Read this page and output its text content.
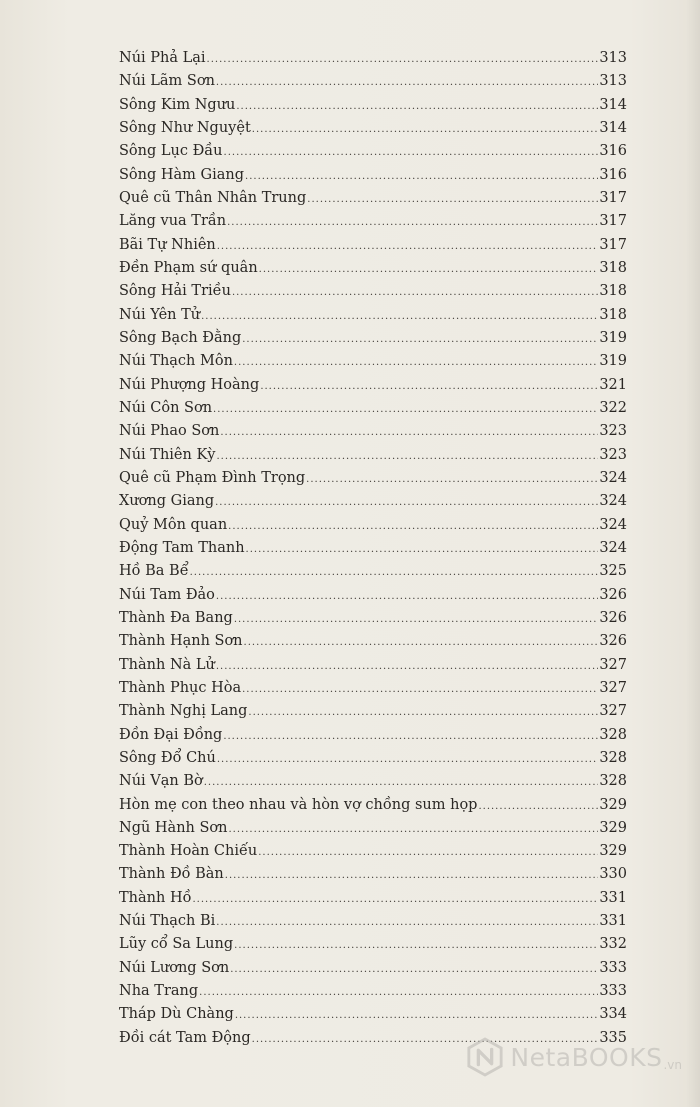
Núi Phả Lại .....	313
Núi Lãm Sơn .....	313
Sông Kim Ngưu .....	314
Sông Như Nguyệt .....	314
Sông Lục Đầu .....	316
Sông Hàm Giang .....	316
Quê cũ Thân Nhân Trung .....	317
Lăng vua Trần .....	317
Bãi Tự Nhiên .....	317
Đền Phạm sứ quân .....	318
Sông Hải Triều .....	318
Núi Yên Tử .....	318
Sông Bạch Đằng .....	319
Núi Thạch Môn .....	319
Núi Phượng Hoàng .....	321
Núi Côn Sơn .....	322
Núi Phao Sơn .....	323
Núi Thiên Kỳ .....	323
Quê cũ Phạm Đình Trọng .....	324
Xương Giang .....	324
Quỷ Môn quan .....	324
Động Tam Thanh .....	324
Hồ Ba Bể .....	325
Núi Tam Đảo .....	326
Thành Đa Bang .....	326
Thành Hạnh Sơn .....	326
Thành Nà Lử .....	327
Thành Phục Hòa .....	327
Thành Nghị Lang .....	327
Đồn Đại Đồng .....	328
Sông Đổ Chú .....	328
Núi Vạn Bờ .....	328
Hòn mẹ con theo nhau và hòn vợ chồng sum họp .....	329
Ngũ Hành Sơn .....	329
Thành Hoàn Chiếu .....	329
Thành Đồ Bàn .....	330
Thành Hồ .....	331
Núi Thạch Bi .....	331
Lũy cổ Sa Lung .....	332
Núi Lương Sơn .....	333
Nha Trang .....	333
Tháp Dù Chàng .....	334
Đồi cát Tam Động .....	335
NetaBOOKS .vn
